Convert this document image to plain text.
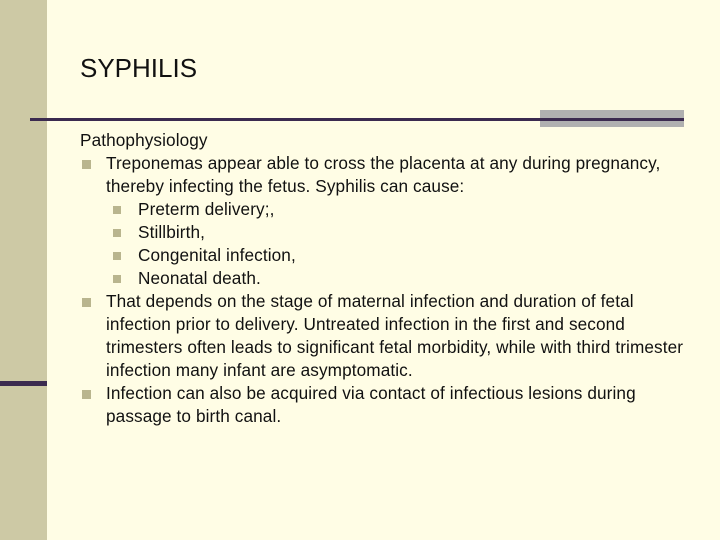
SYPHILIS
Pathophysiology
Treponemas appear able to cross the placenta at any during pregnancy, thereby infecting the fetus. Syphilis can cause:
Preterm delivery;,
Stillbirth,
Congenital infection,
Neonatal death.
That depends on the stage of maternal infection and duration of fetal infection prior to delivery. Untreated infection in the first and second trimesters often leads to significant fetal morbidity, while with third trimester infection many infant are asymptomatic.
Infection can also be acquired via contact of infectious lesions during passage to birth canal.
